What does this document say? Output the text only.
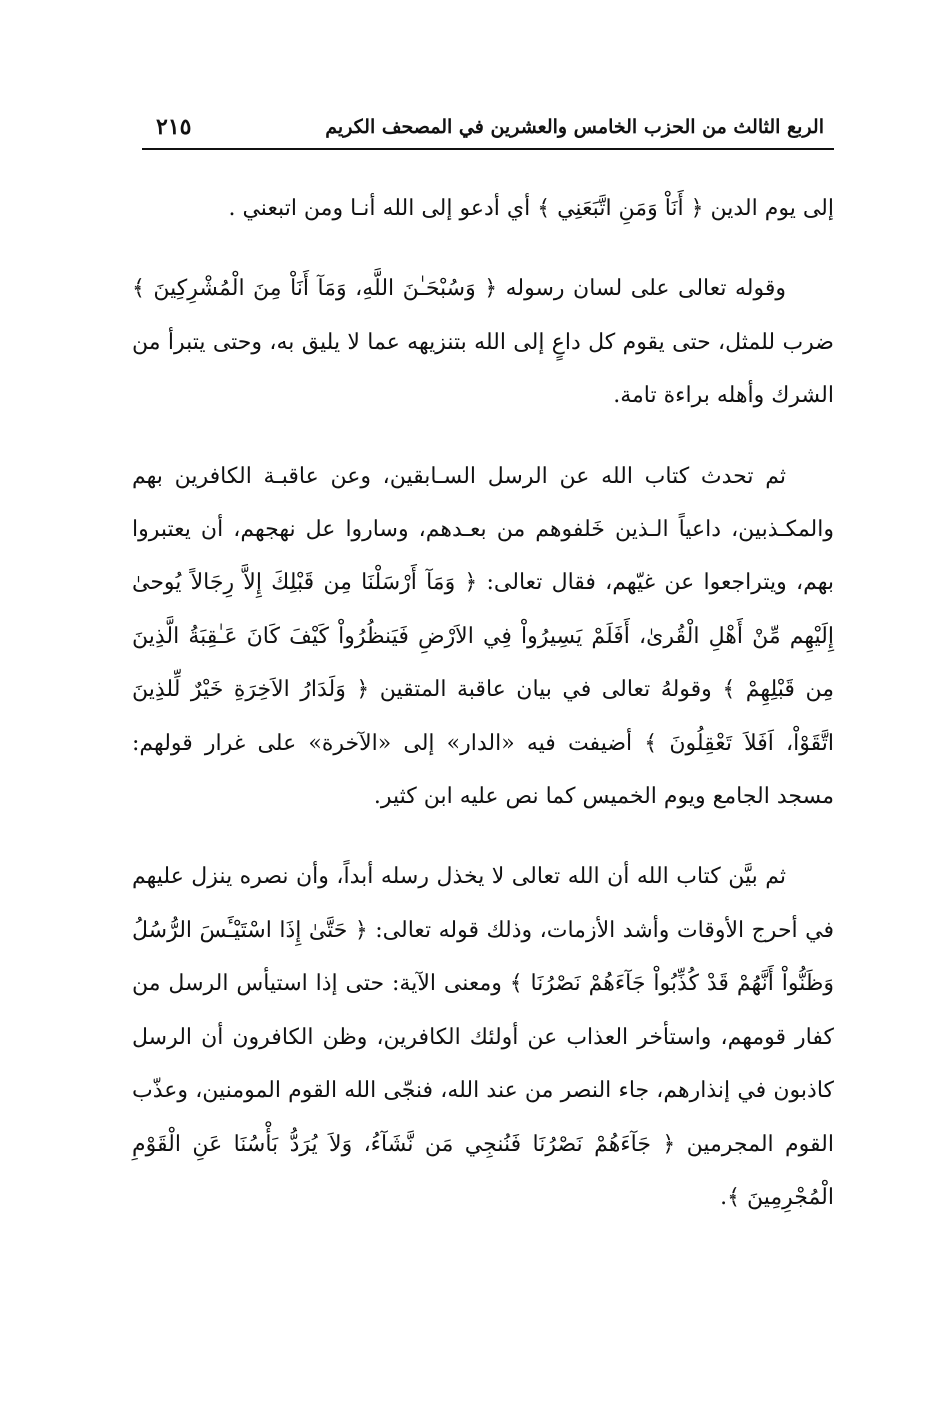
الربع الثالث من الحزب الخامس والعشرين في المصحف الكريم
٢١٥

إلى يوم الدين ﴿ أَنَاْ وَمَنِ اتَّبَعَنِي ﴾ أي أدعو إلى الله أنـا ومن اتبعني .

وقوله تعالى على لسان رسوله ﴿ وَسُبْحَـٰنَ اللَّهِ، وَمَآ أَنَاْ مِنَ الْمُشْرِكِينَ ﴾ ضرب للمثل، حتى يقوم كل داعٍ إلى الله بتنزيهه عما لا يليق به، وحتى يتبرأ من الشرك وأهله براءة تامة.

ثم تحدث كتاب الله عن الرسل السـابقين، وعن عاقبـة الكافرين بهم والمكـذبين، داعياً الـذين خَلفوهم من بعـدهم، وساروا عل نهجهم، أن يعتبروا بهم، ويتراجعوا عن غيّهم، فقال تعالى: ﴿ وَمَآ أَرْسَلْنَا مِن قَبْلِكَ إِلاَّ رِجَالاً يُوحىٰ إِلَيْهِم مِّنْ أَهْلِ الْقُرىٰ، أَفَلَمْ يَسِيرُواْ فِي الاَرْضِ فَيَنظُرُواْ كَيْفَ كَانَ عَـٰقِبَةُ الَّذِينَ مِن قَبْلِهِمْ ﴾ وقولهُ تعالى في بيان عاقبة المتقين ﴿ وَلَدَارُ الاَخِرَةِ خَيْرٌ لِّلذِينَ اتَّقَوْاْ، اَفَلاَ تَعْقِلُونَ ﴾ أضيفت فيه «الدار» إلى «الآخرة» على غرار قولهم: مسجد الجامع ويوم الخميس كما نص عليه ابن كثير.

ثم بيَّن كتاب الله أن الله تعالى لا يخذل رسله أبداً، وأن نصره ينزل عليهم في أحرج الأوقات وأشد الأزمات، وذلك قوله تعالى: ﴿ حَتَّىٰ إِذَا اسْتَيْـَٔسَ الرُّسُلُ وَظَنُّواْ أَنَّهُمْ قَدْ كُذِّبُواْ جَآءَهُمْ نَصْرُنَا ﴾ ومعنى الآية: حتى إذا استيأس الرسل من كفار قومهم، واستأخر العذاب عن أولئك الكافرين، وظن الكافرون أن الرسل كاذبون في إنذارهم، جاء النصر من عند الله، فنجّى الله القوم المومنين، وعذّب القوم المجرمين ﴿ جَآءَهُمْ نَصْرُنَا فَنُنجِي مَن نَّشَآءُ، وَلاَ يُرَدُّ بَأْسُنَا عَنِ الْقَوْمِ الْمُجْرِمِينَ ﴾.
